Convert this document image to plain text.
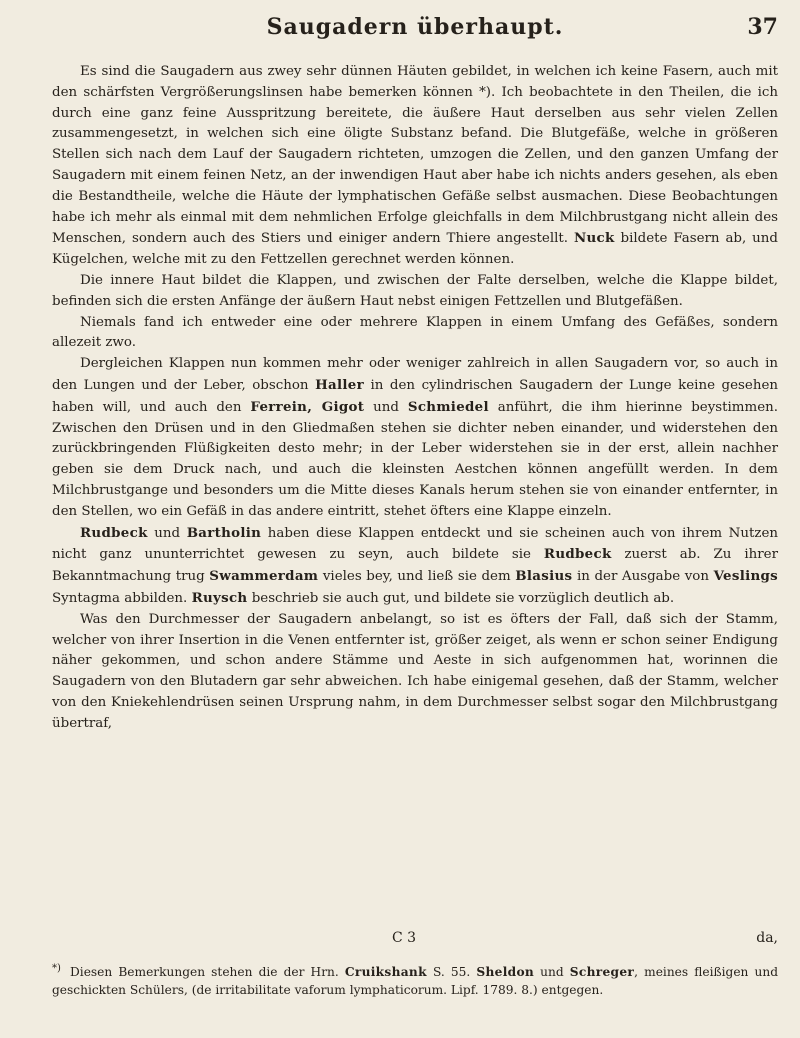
Saugadern überhaupt.	37

Es sind die Saugadern aus zwey sehr dünnen Häuten gebildet, in welchen ich keine Fasern, auch mit den schärfsten Vergrößerungslinsen habe bemerken können *). Ich beobachtete in den Theilen, die ich durch eine ganz feine Ausspritzung bereitete, die äußere Haut derselben aus sehr vielen Zellen zusammengesetzt, in welchen sich eine öligte Substanz befand. Die Blutgefäße, welche in größeren Stellen sich nach dem Lauf der Saugadern richteten, umzogen die Zellen, und den ganzen Umfang der Saugadern mit einem feinen Netz, an der inwendigen Haut aber habe ich nichts anders gesehen, als eben die Bestandtheile, welche die Häute der lymphatischen Gefäße selbst ausmachen. Diese Beobachtungen habe ich mehr als einmal mit dem nehmlichen Erfolge gleichfalls in dem Milchbrustgang nicht allein des Menschen, sondern auch des Stiers und einiger andern Thiere angestellt. Nuck bildete Fasern ab, und Kügelchen, welche mit zu den Fettzellen gerechnet werden können.

Die innere Haut bildet die Klappen, und zwischen der Falte derselben, welche die Klappe bildet, befinden sich die ersten Anfänge der äußern Haut nebst einigen Fettzellen und Blutgefäßen.

Niemals fand ich entweder eine oder mehrere Klappen in einem Umfang des Gefäßes, sondern allezeit zwo.

Dergleichen Klappen nun kommen mehr oder weniger zahlreich in allen Saugadern vor, so auch in den Lungen und der Leber, obschon Haller in den cylindrischen Saugadern der Lunge keine gesehen haben will, und auch den Ferrein, Gigot und Schmiedel anführt, die ihm hierinne beystimmen. Zwischen den Drüsen und in den Gliedmaßen stehen sie dichter neben einander, und widerstehen den zurückbringenden Flüßigkeiten desto mehr; in der Leber widerstehen sie in der erst, allein nachher geben sie dem Druck nach, und auch die kleinsten Aestchen können angefüllt werden. In dem Milchbrustgange und besonders um die Mitte dieses Kanals herum stehen sie von einander entfernter, in den Stellen, wo ein Gefäß in das andere eintritt, stehet öfters eine Klappe einzeln.

Rudbeck und Bartholin haben diese Klappen entdeckt und sie scheinen auch von ihrem Nutzen nicht ganz ununterrichtet gewesen zu seyn, auch bildete sie Rudbeck zuerst ab. Zu ihrer Bekanntmachung trug Swammerdam vieles bey, und ließ sie dem Blasius in der Ausgabe von Veslings Syntagma abbilden. Ruysch beschrieb sie auch gut, und bildete sie vorzüglich deutlich ab.

Was den Durchmesser der Saugadern anbelangt, so ist es öfters der Fall, daß sich der Stamm, welcher von ihrer Insertion in die Venen entfernter ist, größer zeiget, als wenn er schon seiner Endigung näher gekommen, und schon andere Stämme und Aeste in sich aufgenommen hat, worinnen die Saugadern von den Blutadern gar sehr abweichen. Ich habe einigemal gesehen, daß der Stamm, welcher von den Kniekehlendrüsen seinen Ursprung nahm, in dem Durchmesser selbst sogar den Milchbrustgang übertraf,

C 3	da,
*) Diesen Bemerkungen stehen die der Hrn. Cruikshank S. 55. Sheldon und Schreger, meines fleißigen und geschickten Schülers, (de irritabilitate vaforum lymphaticorum. Lipf. 1789. 8.) entgegen.
